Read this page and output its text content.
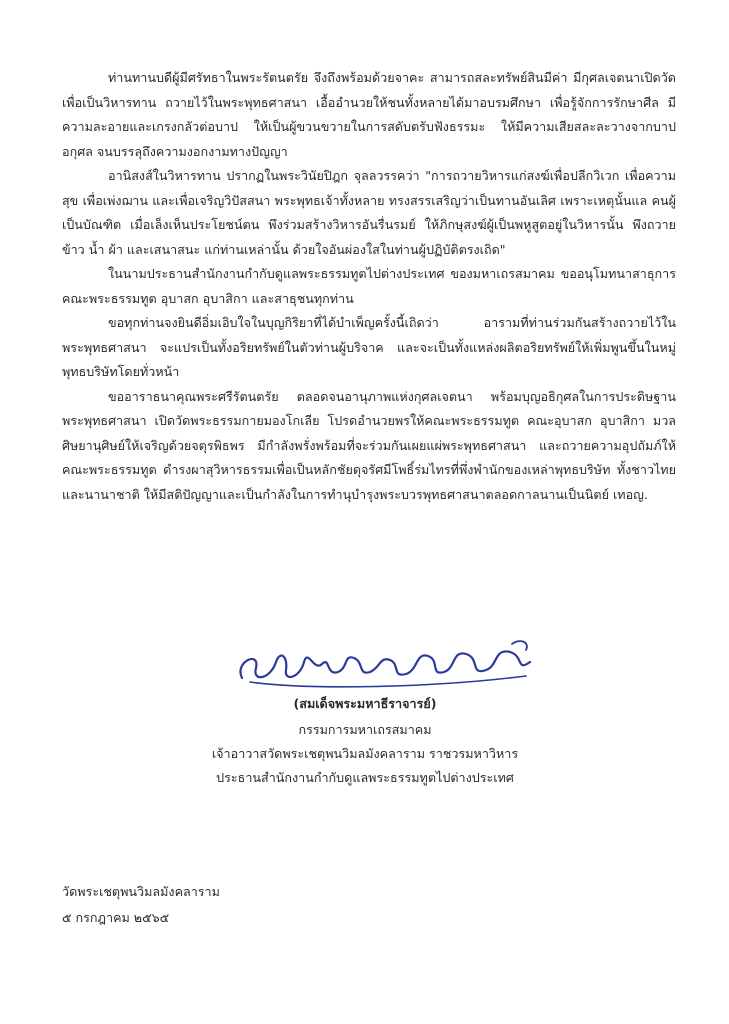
ท่านทานบดีผู้มีศรัทธาในพระรัตนตรัย จึงถึงพร้อมด้วยจาคะ สามารถสละทรัพย์สินมีค่า มีกุศลเจตนาเปิดวัดเพื่อเป็นวิหารทาน ถวายไว้ในพระพุทธศาสนา เอื้ออำนวยให้ชนทั้งหลายได้มาอบรมศึกษา เพื่อรู้จักการรักษาศีล มีความละอายและเกรงกลัวต่อบาป ให้เป็นผู้ขวนขวายในการสดับตรับฟังธรรมะ ให้มีความเสียสละละวางจากบาปอกุศล จนบรรลุถึงความงอกงามทางปัญญา

อานิสงส์ในวิหารทาน ปรากฏในพระวินัยปิฎก จุลลวรรคว่า "การถวายวิหารแก่สงฆ์เพื่อปลีกวิเวก เพื่อความสุข เพื่อเพ่งฌาน และเพื่อเจริญวิปัสสนา พระพุทธเจ้าทั้งหลาย ทรงสรรเสริญว่าเป็นทานอันเลิศ เพราะเหตุนั้นแล คนผู้เป็นบัณฑิต เมื่อเล็งเห็นประโยชน์ตน พึงร่วมสร้างวิหารอันรื่นรมย์ ให้ภิกษุสงฆ์ผู้เป็นพหูสูตอยู่ในวิหารนั้น พึงถวายข้าว น้ำ ผ้า และเสนาสนะ แก่ท่านเหล่านั้น ด้วยใจอันผ่องใสในท่านผู้ปฏิบัติตรงเถิด"

ในนามประธานสำนักงานกำกับดูแลพระธรรมทูตไปต่างประเทศ ของมหาเถรสมาคม ขออนุโมทนาสาธุการคณะพระธรรมทูต อุบาสก อุบาสิกา และสาธุชนทุกท่าน

ขอทุกท่านจงยินดีอิ่มเอิบใจในบุญกิริยาที่ได้บำเพ็ญครั้งนี้เถิดว่า อารามที่ท่านร่วมกันสร้างถวายไว้ในพระพุทธศาสนา จะแปรเป็นทั้งอริยทรัพย์ในตัวท่านผู้บริจาค และจะเป็นทั้งแหล่งผลิตอริยทรัพย์ให้เพิ่มพูนขึ้นในหมู่พุทธบริษัทโดยทั่วหน้า

ขออาราธนาคุณพระศรีรัตนตรัย ตลอดจนอานุภาพแห่งกุศลเจตนา พร้อมบุญอธิกุศลในการประดิษฐานพระพุทธศาสนา เปิดวัดพระธรรมกายมองโกเลีย โปรดอำนวยพรให้คณะพระธรรมทูต คณะอุบาสก อุบาสิกา มวลศิษยานุศิษย์ให้เจริญด้วยจตุรพิธพร มีกำลังพรั่งพร้อมที่จะร่วมกันเผยแผ่พระพุทธศาสนา และถวายความอุปถัมภ์ให้คณะพระธรรมทูต ดำรงผาสุวิหารธรรมเพื่อเป็นหลักชัยดุจรัศมีโพธิ์ร่มไทรที่พึ่งพำนักของเหล่าพุทธบริษัท ทั้งชาวไทยและนานาชาติ ให้มีสติปัญญาและเป็นกำลังในการทำนุบำรุงพระบวรพุทธศาสนาตลอดกาลนานเป็นนิตย์ เทอญ.

(สมเด็จพระมหาธีราจารย์)
กรรมการมหาเถรสมาคม
เจ้าอาวาสวัดพระเชตุพนวิมลมังคลาราม ราชวรมหาวิหาร
ประธานสำนักงานกำกับดูแลพระธรรมทูตไปต่างประเทศ
วัดพระเชตุพนวิมลมังคลาราม
๕ กรกฎาคม ๒๕๖๕
